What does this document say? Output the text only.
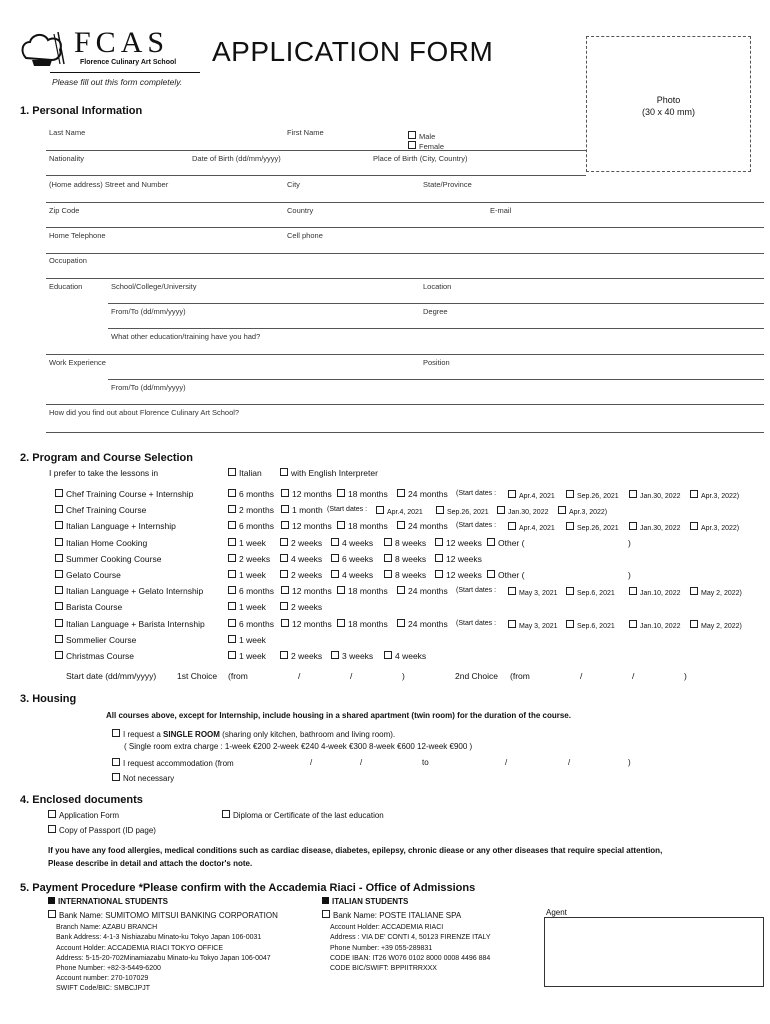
FCAS
Florence Culinary Art School APPLICATION FORM
Please fill out this form completely.
Photo
(30 x 40 mm)
1. Personal Information
Last Name	First Name	Male
Female
Nationality	Date of Birth (dd/mm/yyyy)	Place of Birth (City, Country)
(Home address) Street and Number	City	State/Province
Zip Code	Country	E-mail
Home Telephone	Cell phone
Occupation
Education	School/College/University	Location
From/To (dd/mm/yyyy)	Degree
What other education/training have you had?
Work Experience	Position
From/To (dd/mm/yyyy)
How did you find out about Florence Culinary Art School?
2. Program and Course Selection
I prefer to take the lessons in	Italian	with English Interpreter
Chef Training Course + Internship	6 months	12 months	18 months	24 months (Start dates :	Apr.4, 2021	Sep.26, 2021	Jan.30, 2022	Apr.3, 2022)
Chef Training Course	2 months	1 month (Start dates :	Apr.4, 2021	Sep.26, 2021	Jan.30, 2022	Apr.3, 2022)
Italian Language + Internship	6 months	12 months	18 months	24 months (Start dates :	Apr.4, 2021	Sep.26, 2021	Jan.30, 2022	Apr.3, 2022)
Italian Home Cooking	1 week	2 weeks	4 weeks	8 weeks	12 weeks	Other (	)
Summer Cooking Course	2 weeks	4 weeks	6 weeks	8 weeks	12 weeks
Gelato Course	1 week	2 weeks	4 weeks	8 weeks	12 weeks	Other (	)
Italian Language + Gelato Internship	6 months	12 months	18 months	24 months (Start dates :	May 3, 2021	Sep.6, 2021	Jan.10, 2022	May 2, 2022)
Barista Course	1 week	2 weeks
Italian Language + Barista Internship	6 months	12 months	18 months	24 months (Start dates :	May 3, 2021	Sep.6, 2021	Jan.10, 2022	May 2, 2022)
Sommelier Course	1 week
Christmas Course	1 week	2 weeks	3 weeks	4 weeks
Start date (dd/mm/yyyy) 1st Choice (from	/	/	)	2nd Choice (from	/	/	)
3. Housing
All courses above, except for Internship, include housing in a shared apartment (twin room) for the duration of the course.
I request a SINGLE ROOM (sharing only kitchen, bathroom and living room).
( Single room extra charge : 1-week €200 2-week €240 4-week €300 8-week €600 12-week €900 )
I request accommodation (from	/	/	to	/	/	)
Not necessary
4. Enclosed documents
Application Form	Diploma or Certificate of the last education
Copy of Passport (ID page)
If you have any food allergies, medical conditions such as cardiac disease, diabetes, epilepsy, chronic diease or any other diseases that require special attention,
Please describe in detail and attach the doctor's note.
5. Payment Procedure *Please confirm with the Accademia Riaci - Office of Admissions
INTERNATIONAL STUDENTS
Bank Name: SUMITOMO MITSUI BANKING CORPORATION
Branch Name: AZABU BRANCH
Bank Address: 4-1-3 Nishiazabu Minato-ku Tokyo Japan 106-0031
Account Holder: ACCADEMIA RIACI TOKYO OFFICE
Address: 5-15-20-702Minamiazabu Minato-ku Tokyo Japan 106-0047
Phone Number: +82-3-5449-6200
Account number: 270-107029
SWIFT Code/BIC: SMBCJPJT
ITALIAN STUDENTS
Bank Name: POSTE ITALIANE SPA
Account Holder: ACCADEMIA RIACI
Address : VIA DE' CONTI 4, 50123 FIRENZE ITALY
Phone Number: +39 055-289831
CODE IBAN: IT26 W076 0102 8000 0008 4496 884
CODE BIC/SWIFT: BPPIITRRXXX
Agent
